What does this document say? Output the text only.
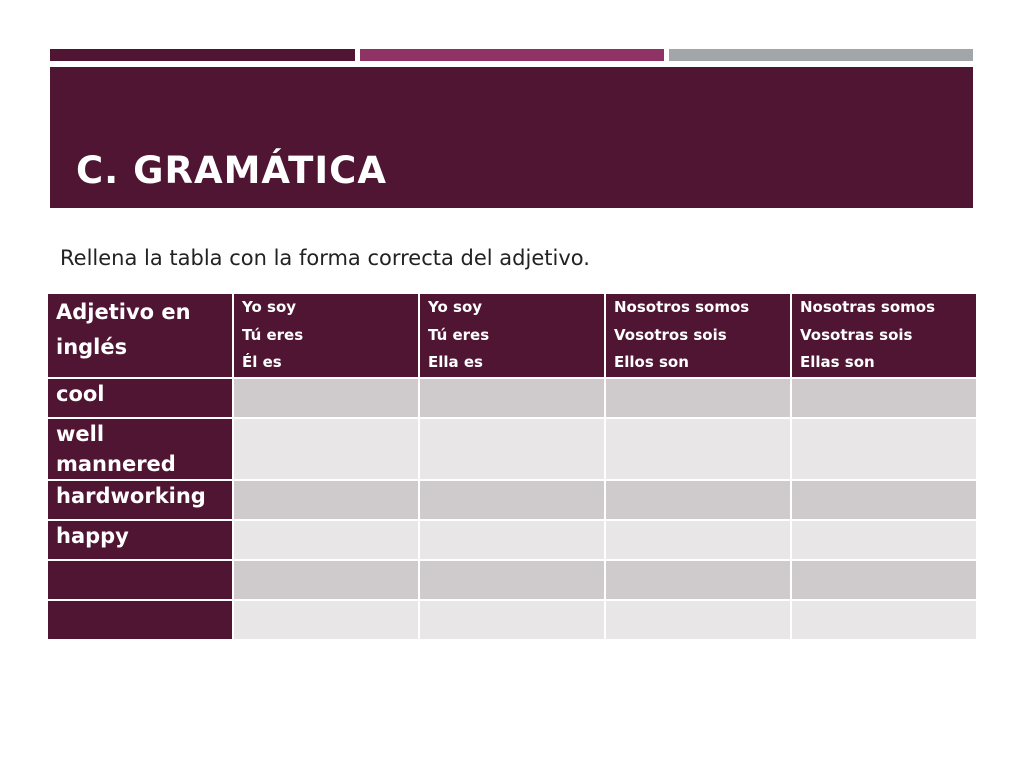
C. GRAMÁTICA

Rellena la tabla con la forma correcta del adjetivo.

Adjetivo en inglés	Yo soy
Tú eres
Él es	Yo soy
Tú eres
Ella es	Nosotros somos
Vosotros sois
Ellos son	Nosotras somos
Vosotras sois
Ellas son

cool				
well mannered				
hardworking				
happy				
